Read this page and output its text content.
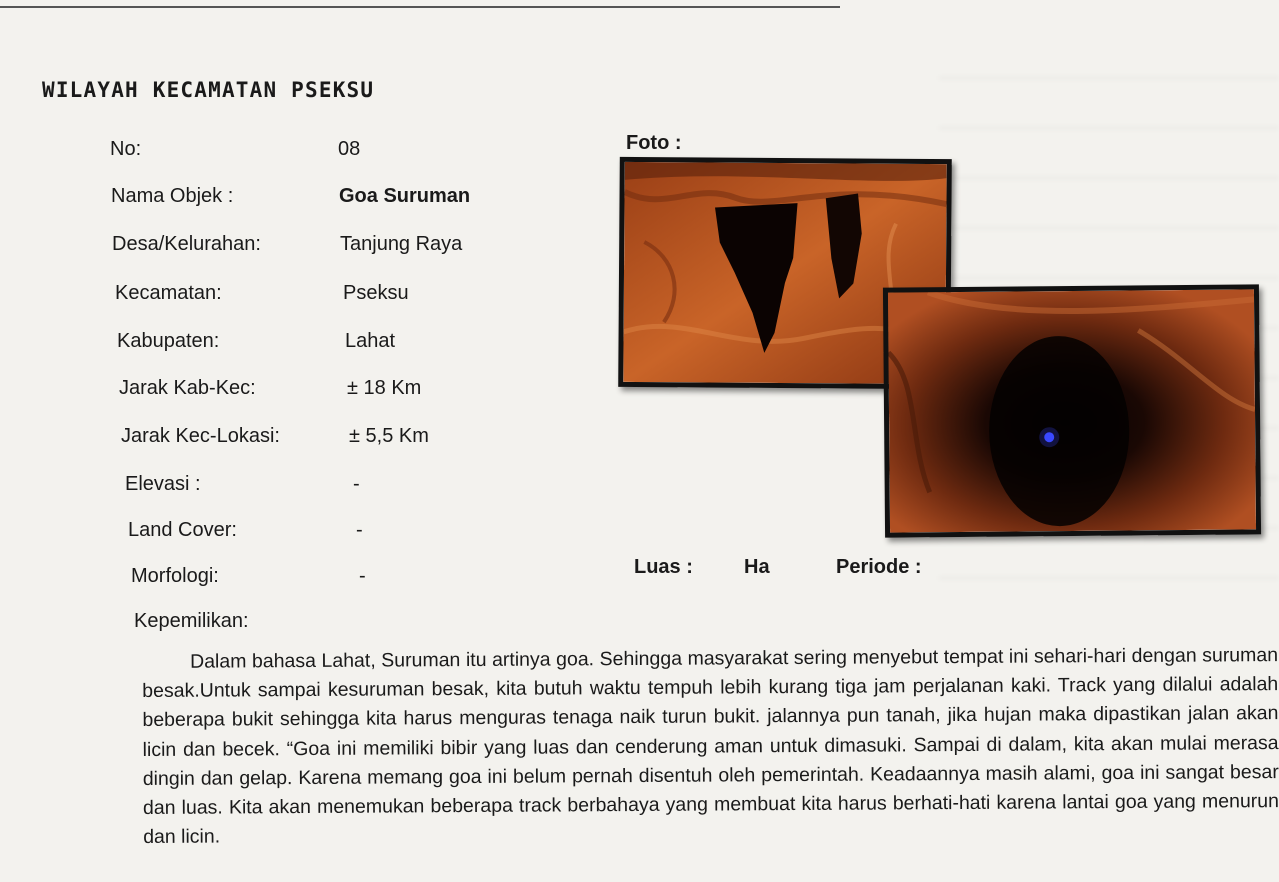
WILAYAH KECAMATAN PSEKSU
No:	08
Nama Objek :	Goa Suruman
Desa/Kelurahan:	Tanjung Raya
Kecamatan:	Pseksu
Kabupaten:	Lahat
Jarak Kab-Kec:	± 18 Km
Jarak Kec-Lokasi:	± 5,5 Km
Elevasi :	-
Land Cover:	-
Morfologi:	-
Foto :
Luas :	Ha	Periode :
Kepemilikan:

Dalam bahasa Lahat, Suruman itu artinya goa. Sehingga masyarakat sering menyebut tempat ini sehari-hari dengan suruman besak.Untuk sampai kesuruman besak, kita butuh waktu tempuh lebih kurang tiga jam perjalanan kaki. Track yang dilalui adalah beberapa bukit sehingga kita harus menguras tenaga naik turun bukit. jalannya pun tanah, jika hujan maka dipastikan jalan akan licin dan becek. “Goa ini memiliki bibir yang luas dan cenderung aman untuk dimasuki. Sampai di dalam, kita akan mulai merasa dingin dan gelap. Karena memang goa ini belum pernah disentuh oleh pemerintah. Keadaannya masih alami, goa ini sangat besar dan luas. Kita akan menemukan beberapa track berbahaya yang membuat kita harus berhati-hati karena lantai goa yang menurun dan licin.
